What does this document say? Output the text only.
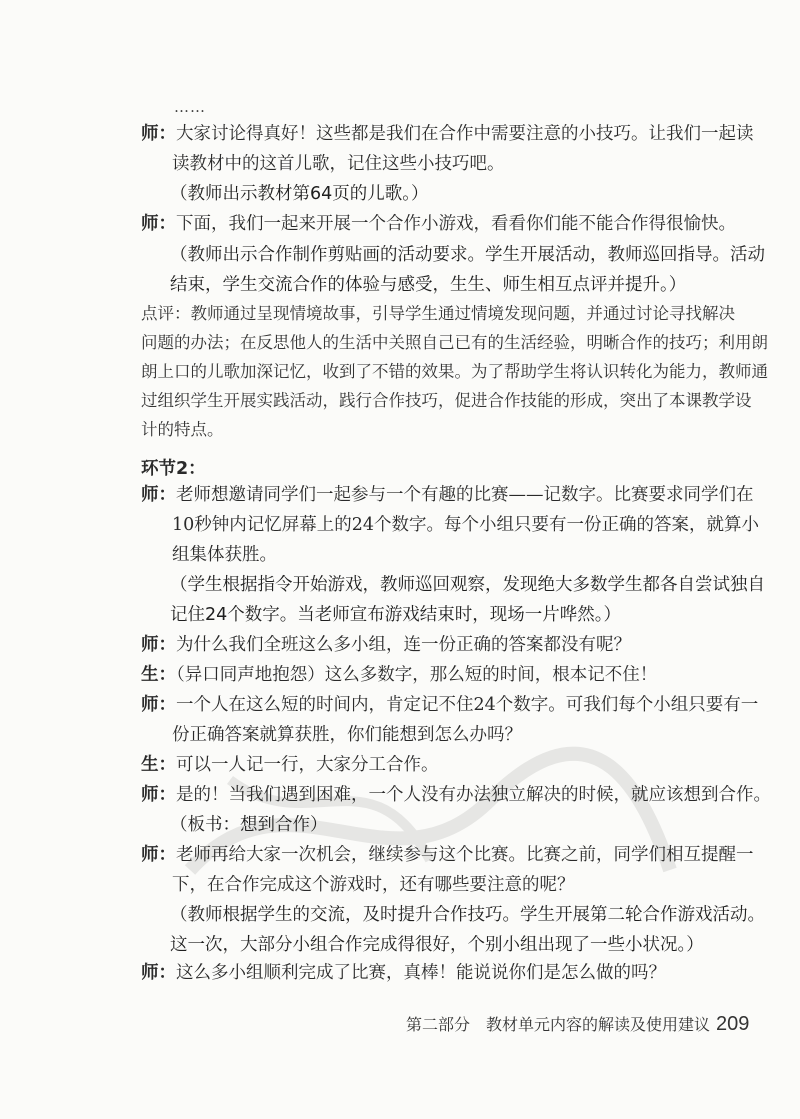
……
师：大家讨论得真好！这些都是我们在合作中需要注意的小技巧。让我们一起读
读教材中的这首儿歌，记住这些小技巧吧。
（教师出示教材第64页的儿歌。）
师：下面，我们一起来开展一个合作小游戏，看看你们能不能合作得很愉快。
（教师出示合作制作剪贴画的活动要求。学生开展活动，教师巡回指导。活动
结束，学生交流合作的体验与感受，生生、师生相互点评并提升。）
点评：教师通过呈现情境故事，引导学生通过情境发现问题，并通过讨论寻找解决
问题的办法；在反思他人的生活中关照自己已有的生活经验，明晰合作的技巧；利用朗
朗上口的儿歌加深记忆，收到了不错的效果。为了帮助学生将认识转化为能力，教师通
过组织学生开展实践活动，践行合作技巧，促进合作技能的形成，突出了本课教学设
计的特点。
环节2：
师：老师想邀请同学们一起参与一个有趣的比赛——记数字。比赛要求同学们在
10秒钟内记忆屏幕上的24个数字。每个小组只要有一份正确的答案，就算小
组集体获胜。
（学生根据指令开始游戏，教师巡回观察，发现绝大多数学生都各自尝试独自
记住24个数字。当老师宣布游戏结束时，现场一片哗然。）
师：为什么我们全班这么多小组，连一份正确的答案都没有呢？
生：（异口同声地抱怨）这么多数字，那么短的时间，根本记不住！
师：一个人在这么短的时间内，肯定记不住24个数字。可我们每个小组只要有一
份正确答案就算获胜，你们能想到怎么办吗？
生：可以一人记一行，大家分工合作。
师：是的！当我们遇到困难，一个人没有办法独立解决的时候，就应该想到合作。
（板书：想到合作）
师：老师再给大家一次机会，继续参与这个比赛。比赛之前，同学们相互提醒一
下，在合作完成这个游戏时，还有哪些要注意的呢？
（教师根据学生的交流，及时提升合作技巧。学生开展第二轮合作游戏活动。
这一次，大部分小组合作完成得很好，个别小组出现了一些小状况。）
师：这么多小组顺利完成了比赛，真棒！能说说你们是怎么做的吗？
第二部分　教材单元内容的解读及使用建议 209
